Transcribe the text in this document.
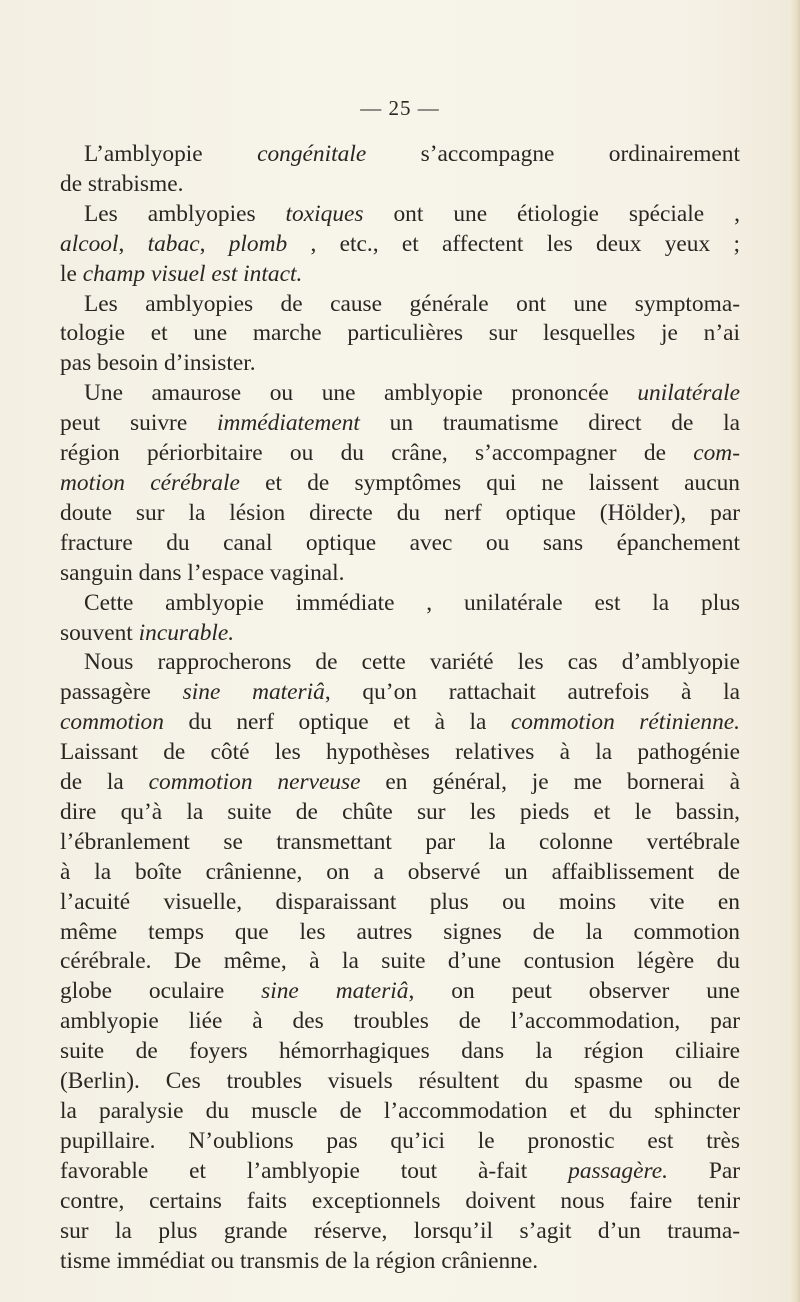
— 25 —
L’amblyopie congénitale s’accompagne ordinairement
de strabisme.
Les amblyopies toxiques ont une étiologie spéciale ,
alcool, tabac, plomb , etc., et affectent les deux yeux ;
le champ visuel est intact.
Les amblyopies de cause générale ont une symptoma-
tologie et une marche particulières sur lesquelles je n’ai
pas besoin d’insister.
Une amaurose ou une amblyopie prononcée unilatérale
peut suivre immédiatement un traumatisme direct de la
région périorbitaire ou du crâne, s’accompagner de com-
motion cérébrale et de symptômes qui ne laissent aucun
doute sur la lésion directe du nerf optique (Hölder), par
fracture du canal optique avec ou sans épanchement
sanguin dans l’espace vaginal.
Cette amblyopie immédiate , unilatérale est la plus
souvent incurable.
Nous rapprocherons de cette variété les cas d’amblyopie
passagère sine materiâ, qu’on rattachait autrefois à la
commotion du nerf optique et à la commotion rétinienne.
Laissant de côté les hypothèses relatives à la pathogénie
de la commotion nerveuse en général, je me bornerai à
dire qu’à la suite de chûte sur les pieds et le bassin,
l’ébranlement se transmettant par la colonne vertébrale
à la boîte crânienne, on a observé un affaiblissement de
l’acuité visuelle, disparaissant plus ou moins vite en
même temps que les autres signes de la commotion
cérébrale. De même, à la suite d’une contusion légère du
globe oculaire sine materiâ, on peut observer une
amblyopie liée à des troubles de l’accommodation, par
suite de foyers hémorrhagiques dans la région ciliaire
(Berlin). Ces troubles visuels résultent du spasme ou de
la paralysie du muscle de l’accommodation et du sphincter
pupillaire. N’oublions pas qu’ici le pronostic est très
favorable et l’amblyopie tout à-fait passagère. Par
contre, certains faits exceptionnels doivent nous faire tenir
sur la plus grande réserve, lorsqu’il s’agit d’un trauma-
tisme immédiat ou transmis de la région crânienne.
